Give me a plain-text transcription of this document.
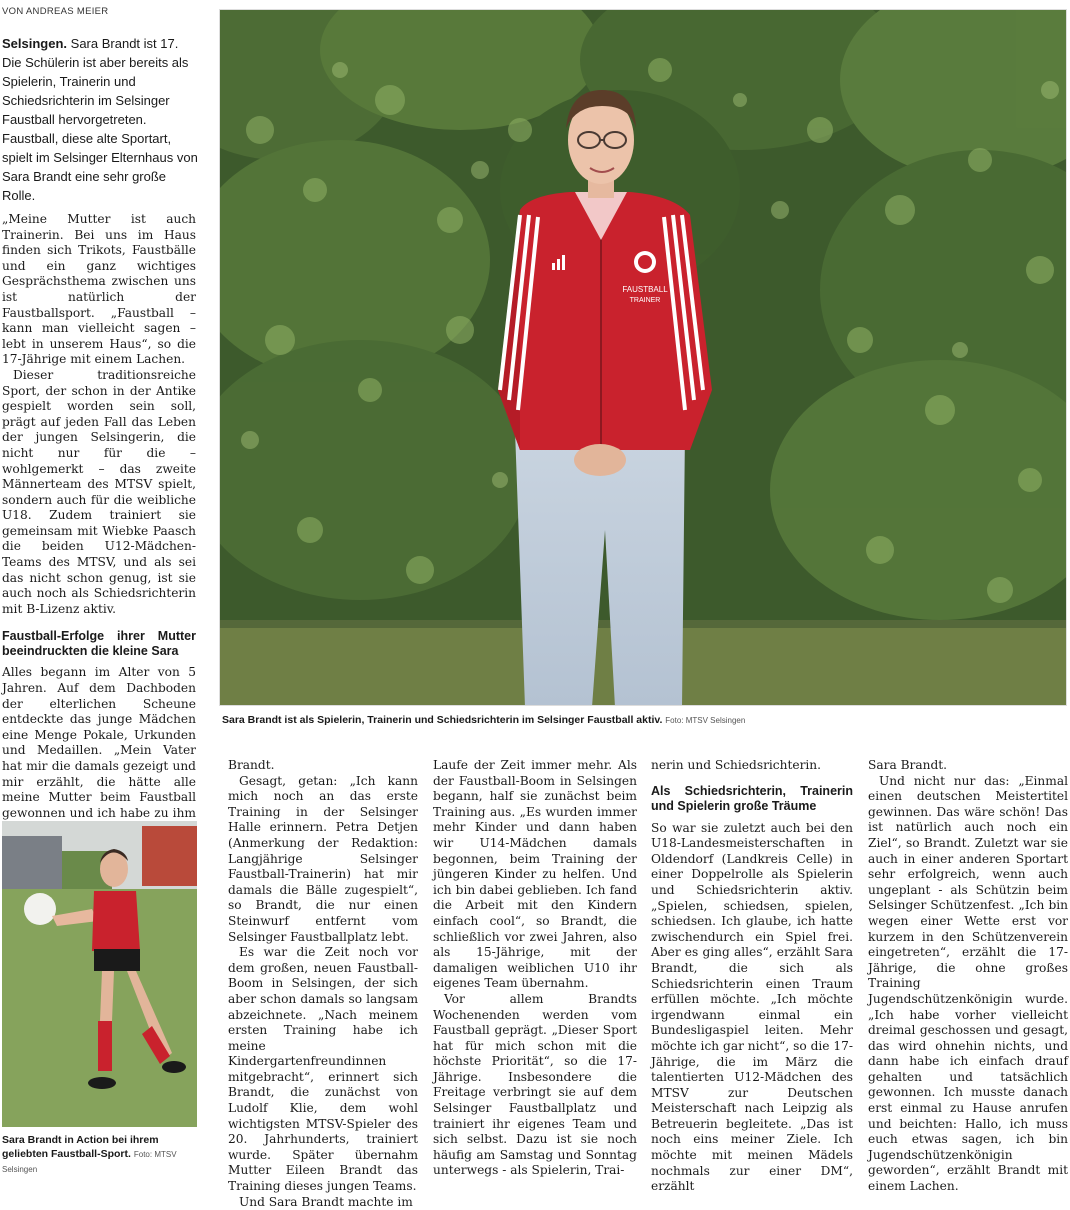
VON ANDREAS MEIER
Selsingen. Sara Brandt ist 17. Die Schülerin ist aber bereits als Spielerin, Trainerin und Schiedsrichterin im Selsinger Faustball hervorgetreten. Faustball, diese alte Sportart, spielt im Selsinger Elternhaus von Sara Brandt eine sehr große Rolle.

„Meine Mutter ist auch Trainerin. Bei uns im Haus finden sich Trikots, Faustbälle und ein ganz wichtiges Gesprächsthema zwischen uns ist natürlich der Faustballsport. „Faustball – kann man vielleicht sagen – lebt in unserem Haus“, so die 17-Jährige mit einem Lachen.

Dieser traditionsreiche Sport, der schon in der Antike gespielt worden sein soll, prägt auf jeden Fall das Leben der jungen Selsingerin, die nicht nur für die – wohlgemerkt – das zweite Männerteam des MTSV spielt, sondern auch für die weibliche U18. Zudem trainiert sie gemeinsam mit Wiebke Paasch die beiden U12-Mädchen-Teams des MTSV, und als sei das nicht schon genug, ist sie auch noch als Schiedsrichterin mit B-Lizenz aktiv.

Faustball-Erfolge ihrer Mutter beeindruckten die kleine Sara

Alles begann im Alter von 5 Jahren. Auf dem Dachboden der elterlichen Scheune entdeckte das junge Mädchen eine Menge Pokale, Urkunden und Medaillen. „Mein Vater hat mir die damals gezeigt und mir erzählt, die hätte alle meine Mutter beim Faustball gewonnen und ich habe zu ihm

FAUSTBALL
TRAINER
Sara Brandt ist als Spielerin, Trainerin und Schiedsrichterin im Selsinger Faustball aktiv. Foto: MTSV Selsingen
Sara Brandt in Action bei ihrem geliebten Faustball-Sport. Foto: MTSV Selsingen

Brandt.

Gesagt, getan: „Ich kann mich noch an das erste Training in der Selsinger Halle erinnern. Petra Detjen (Anmerkung der Redaktion: Langjährige Selsinger Faustball-Trainerin) hat mir damals die Bälle zugespielt“, so Brandt, die nur einen Steinwurf entfernt vom Selsinger Faustballplatz lebt.

Es war die Zeit noch vor dem großen, neuen Faustball-Boom in Selsingen, der sich aber schon damals so langsam abzeichnete. „Nach meinem ersten Training habe ich meine Kindergartenfreundinnen mitgebracht“, erinnert sich Brandt, die zunächst von Ludolf Klie, dem wohl wichtigsten MTSV-Spieler des 20. Jahrhunderts, trainiert wurde. Später übernahm Mutter Eileen Brandt das Training dieses jungen Teams.

Und Sara Brandt machte im

Laufe der Zeit immer mehr. Als der Faustball-Boom in Selsingen begann, half sie zunächst beim Training aus. „Es wurden immer mehr Kinder und dann haben wir U14-Mädchen damals begonnen, beim Training der jüngeren Kinder zu helfen. Und ich bin dabei geblieben. Ich fand die Arbeit mit den Kindern einfach cool“, so Brandt, die schließlich vor zwei Jahren, also als 15-Jährige, mit der damaligen weiblichen U10 ihr eigenes Team übernahm.

Vor allem Brandts Wochenenden werden vom Faustball geprägt. „Dieser Sport hat für mich schon mit die höchste Priorität“, so die 17-Jährige. Insbesondere die Freitage verbringt sie auf dem Selsinger Faustballplatz und trainiert ihr eigenes Team und sich selbst. Dazu ist sie noch häufig am Samstag und Sonntag unterwegs - als Spielerin, Trai-

nerin und Schiedsrichterin.

Als Schiedsrichterin, Trainerin und Spielerin große Träume

So war sie zuletzt auch bei den U18-Landesmeisterschaften in Oldendorf (Landkreis Celle) in einer Doppelrolle als Spielerin und Schiedsrichterin aktiv. „Spielen, schiedsen, spielen, schiedsen. Ich glaube, ich hatte zwischendurch ein Spiel frei. Aber es ging alles“, erzählt Sara Brandt, die sich als Schiedsrichterin einen Traum erfüllen möchte. „Ich möchte irgendwann einmal ein Bundesligaspiel leiten. Mehr möchte ich gar nicht“, so die 17-Jährige, die im März die talentierten U12-Mädchen des MTSV zur Deutschen Meisterschaft nach Leipzig als Betreuerin begleitete. „Das ist noch eins meiner Ziele. Ich möchte mit meinen Mädels nochmals zur einer DM“, erzählt

Sara Brandt.

Und nicht nur das: „Einmal einen deutschen Meistertitel gewinnen. Das wäre schön! Das ist natürlich auch noch ein Ziel“, so Brandt. Zuletzt war sie auch in einer anderen Sportart sehr erfolgreich, wenn auch ungeplant - als Schützin beim Selsinger Schützenfest. „Ich bin wegen einer Wette erst vor kurzem in den Schützenverein eingetreten“, erzählt die 17-Jährige, die ohne großes Training Jugendschützenkönigin wurde. „Ich habe vorher vielleicht dreimal geschossen und gesagt, das wird ohnehin nichts, und dann habe ich einfach drauf gehalten und tatsächlich gewonnen. Ich musste danach erst einmal zu Hause anrufen und beichten: Hallo, ich muss euch etwas sagen, ich bin Jugendschützenkönigin geworden“, erzählt Brandt mit einem Lachen.
